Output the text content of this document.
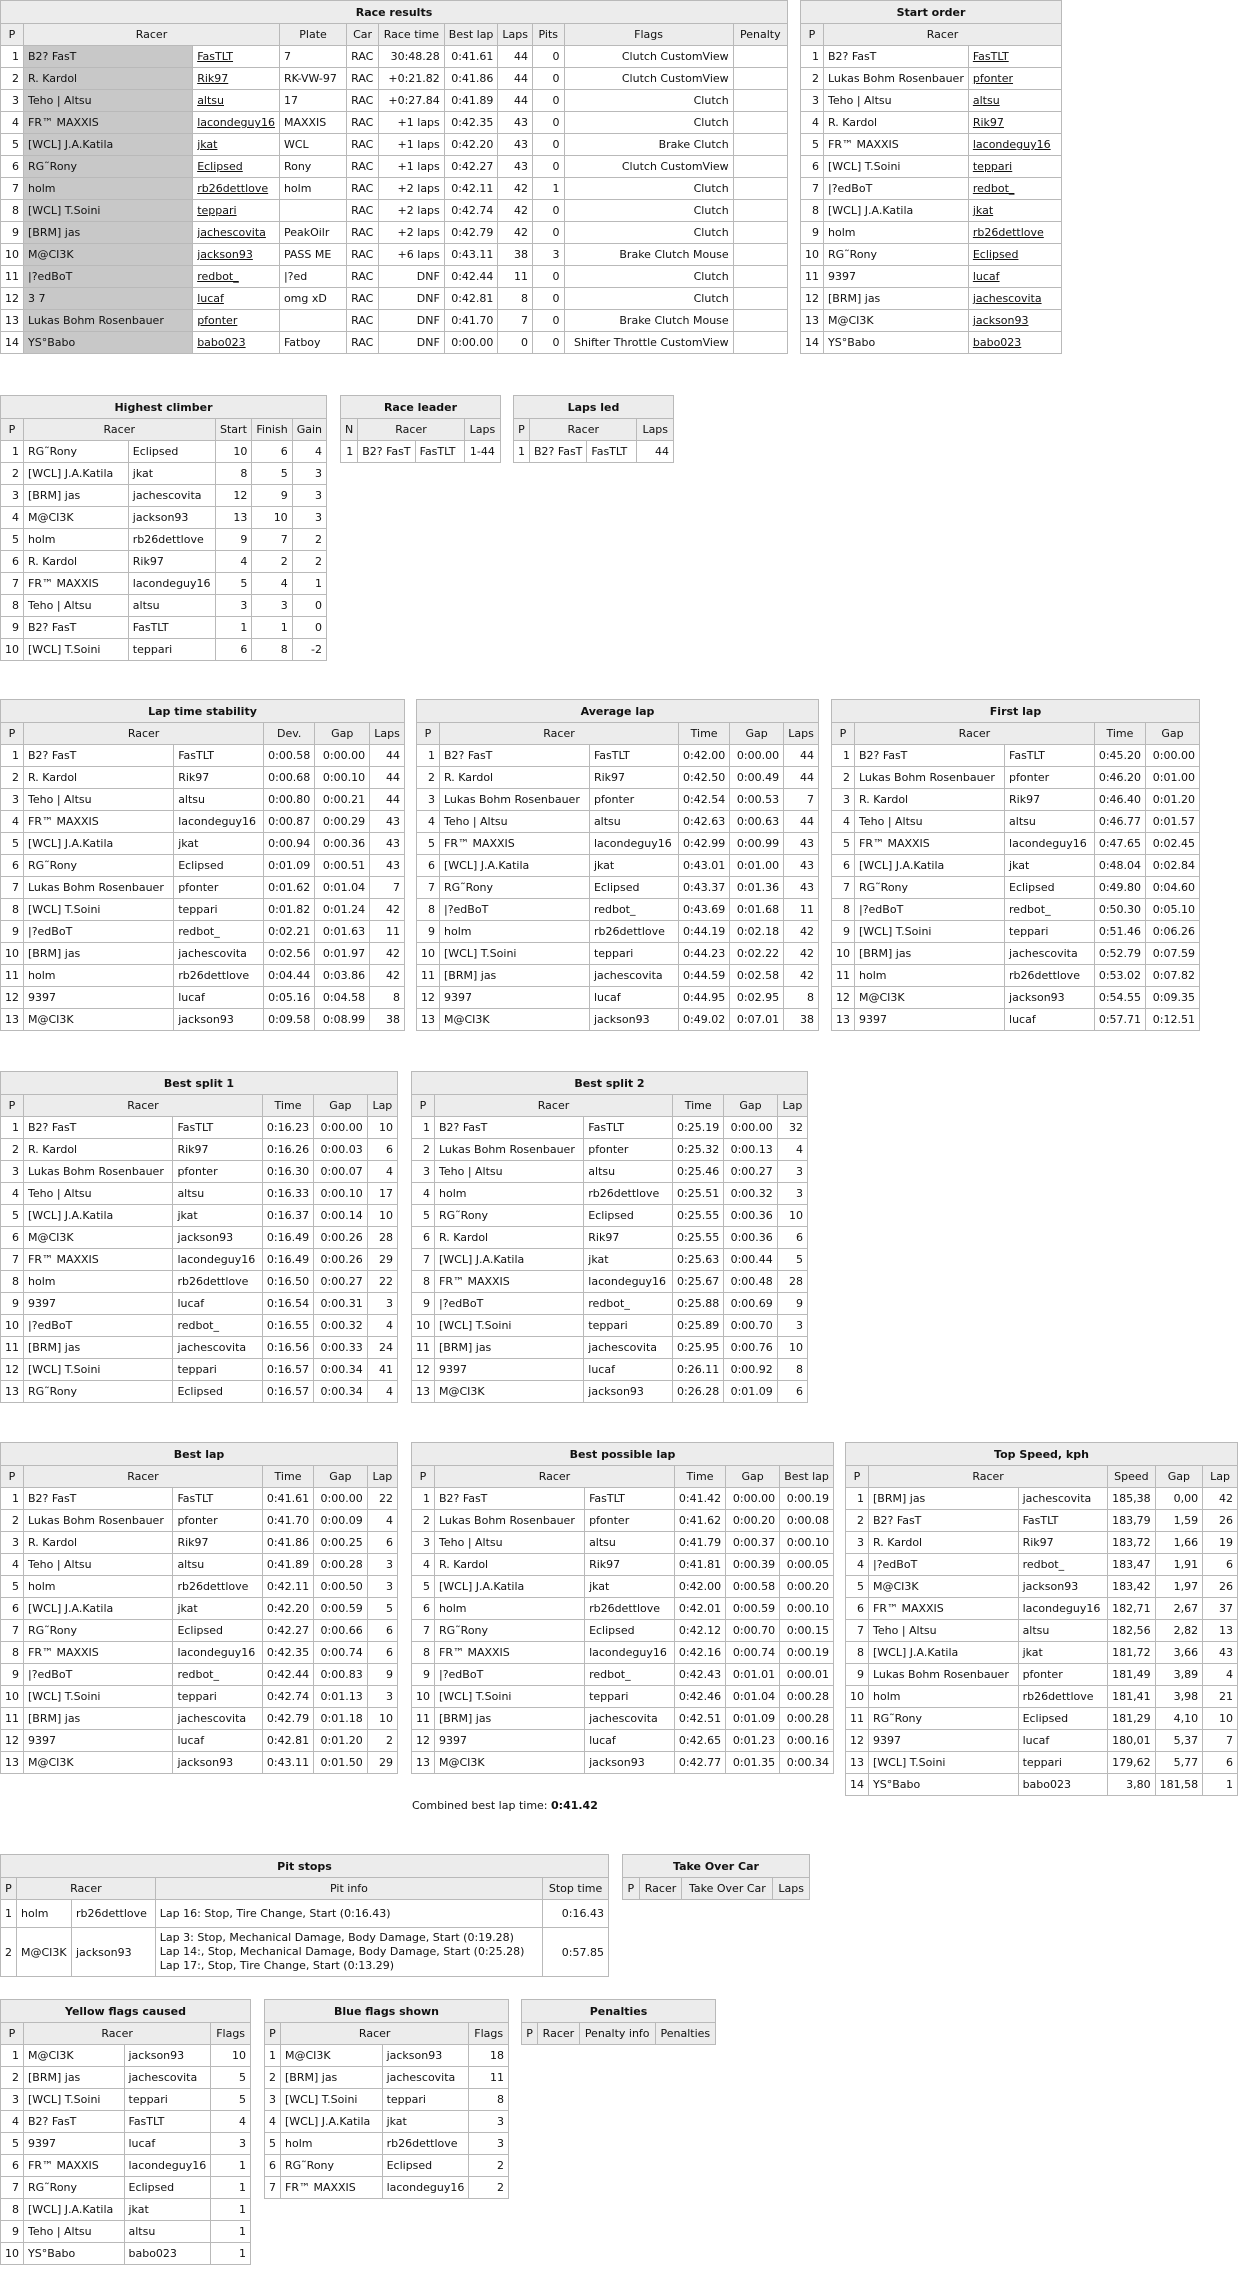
Race results										
P	Racer		Plate	Car	Race time	Best lap	Laps	Pits	Flags	Penalty
1	B2? FasT	FasTLT	7	RAC	30:48.28	0:41.61	44	0	Clutch CustomView	
2	R. Kardol	Rik97	RK-VW-97	RAC	+0:21.82	0:41.86	44	0	Clutch CustomView	
3	Teho | Altsu	altsu	17	RAC	+0:27.84	0:41.89	44	0	Clutch	
4	FR™ MAXXIS	lacondeguy16	MAXXIS	RAC	+1 laps	0:42.35	43	0	Clutch	
5	[WCL] J.A.Katila	jkat	WCL	RAC	+1 laps	0:42.20	43	0	Brake Clutch	
6	RG˜Rony	Eclipsed	Rony	RAC	+1 laps	0:42.27	43	0	Clutch CustomView	
7	holm	rb26dettlove	holm	RAC	+2 laps	0:42.11	42	1	Clutch	
8	[WCL] T.Soini	teppari		RAC	+2 laps	0:42.74	42	0	Clutch	
9	[BRM] jas	jachescovita	PeakOilr	RAC	+2 laps	0:42.79	42	0	Clutch	
10	M@CI3K	jackson93	PASS ME	RAC	+6 laps	0:43.11	38	3	Brake Clutch Mouse	
11	|?edBoT	redbot_	|?ed	RAC	DNF	0:42.44	11	0	Clutch	
12	3 7	lucaf	omg xD	RAC	DNF	0:42.81	8	0	Clutch	
13	Lukas Bohm Rosenbauer	pfonter		RAC	DNF	0:41.70	7	0	Brake Clutch Mouse	
14	YS°Babo	babo023	Fatboy	RAC	DNF	0:00.00	0	0	Shifter Throttle CustomView	
Start order		
P	Racer	
1	B2? FasT	FasTLT
2	Lukas Bohm Rosenbauer	pfonter
3	Teho | Altsu	altsu
4	R. Kardol	Rik97
5	FR™ MAXXIS	lacondeguy16
6	[WCL] T.Soini	teppari
7	|?edBoT	redbot_
8	[WCL] J.A.Katila	jkat
9	holm	rb26dettlove
10	RG˜Rony	Eclipsed
11	9397	lucaf
12	[BRM] jas	jachescovita
13	M@CI3K	jackson93
14	YS°Babo	babo023
Highest climber					
P	Racer		Start	Finish	Gain
1	RG˜Rony	Eclipsed	10	6	4
2	[WCL] J.A.Katila	jkat	8	5	3
3	[BRM] jas	jachescovita	12	9	3
4	M@CI3K	jackson93	13	10	3
5	holm	rb26dettlove	9	7	2
6	R. Kardol	Rik97	4	2	2
7	FR™ MAXXIS	lacondeguy16	5	4	1
8	Teho | Altsu	altsu	3	3	0
9	B2? FasT	FasTLT	1	1	0
10	[WCL] T.Soini	teppari	6	8	-2
Race leader			
N	Racer		Laps
1	B2? FasT	FasTLT	1-44
Laps led			
P	Racer		Laps
1	B2? FasT	FasTLT	44
Lap time stability					
P	Racer		Dev.	Gap	Laps
1	B2? FasT	FasTLT	0:00.58	0:00.00	44
2	R. Kardol	Rik97	0:00.68	0:00.10	44
3	Teho | Altsu	altsu	0:00.80	0:00.21	44
4	FR™ MAXXIS	lacondeguy16	0:00.87	0:00.29	43
5	[WCL] J.A.Katila	jkat	0:00.94	0:00.36	43
6	RG˜Rony	Eclipsed	0:01.09	0:00.51	43
7	Lukas Bohm Rosenbauer	pfonter	0:01.62	0:01.04	7
8	[WCL] T.Soini	teppari	0:01.82	0:01.24	42
9	|?edBoT	redbot_	0:02.21	0:01.63	11
10	[BRM] jas	jachescovita	0:02.56	0:01.97	42
11	holm	rb26dettlove	0:04.44	0:03.86	42
12	9397	lucaf	0:05.16	0:04.58	8
13	M@CI3K	jackson93	0:09.58	0:08.99	38
Average lap					
P	Racer		Time	Gap	Laps
1	B2? FasT	FasTLT	0:42.00	0:00.00	44
2	R. Kardol	Rik97	0:42.50	0:00.49	44
3	Lukas Bohm Rosenbauer	pfonter	0:42.54	0:00.53	7
4	Teho | Altsu	altsu	0:42.63	0:00.63	44
5	FR™ MAXXIS	lacondeguy16	0:42.99	0:00.99	43
6	[WCL] J.A.Katila	jkat	0:43.01	0:01.00	43
7	RG˜Rony	Eclipsed	0:43.37	0:01.36	43
8	|?edBoT	redbot_	0:43.69	0:01.68	11
9	holm	rb26dettlove	0:44.19	0:02.18	42
10	[WCL] T.Soini	teppari	0:44.23	0:02.22	42
11	[BRM] jas	jachescovita	0:44.59	0:02.58	42
12	9397	lucaf	0:44.95	0:02.95	8
13	M@CI3K	jackson93	0:49.02	0:07.01	38
First lap				
P	Racer		Time	Gap
1	B2? FasT	FasTLT	0:45.20	0:00.00
2	Lukas Bohm Rosenbauer	pfonter	0:46.20	0:01.00
3	R. Kardol	Rik97	0:46.40	0:01.20
4	Teho | Altsu	altsu	0:46.77	0:01.57
5	FR™ MAXXIS	lacondeguy16	0:47.65	0:02.45
6	[WCL] J.A.Katila	jkat	0:48.04	0:02.84
7	RG˜Rony	Eclipsed	0:49.80	0:04.60
8	|?edBoT	redbot_	0:50.30	0:05.10
9	[WCL] T.Soini	teppari	0:51.46	0:06.26
10	[BRM] jas	jachescovita	0:52.79	0:07.59
11	holm	rb26dettlove	0:53.02	0:07.82
12	M@CI3K	jackson93	0:54.55	0:09.35
13	9397	lucaf	0:57.71	0:12.51
Best split 1					
P	Racer		Time	Gap	Lap
1	B2? FasT	FasTLT	0:16.23	0:00.00	10
2	R. Kardol	Rik97	0:16.26	0:00.03	6
3	Lukas Bohm Rosenbauer	pfonter	0:16.30	0:00.07	4
4	Teho | Altsu	altsu	0:16.33	0:00.10	17
5	[WCL] J.A.Katila	jkat	0:16.37	0:00.14	10
6	M@CI3K	jackson93	0:16.49	0:00.26	28
7	FR™ MAXXIS	lacondeguy16	0:16.49	0:00.26	29
8	holm	rb26dettlove	0:16.50	0:00.27	22
9	9397	lucaf	0:16.54	0:00.31	3
10	|?edBoT	redbot_	0:16.55	0:00.32	4
11	[BRM] jas	jachescovita	0:16.56	0:00.33	24
12	[WCL] T.Soini	teppari	0:16.57	0:00.34	41
13	RG˜Rony	Eclipsed	0:16.57	0:00.34	4
Best split 2					
P	Racer		Time	Gap	Lap
1	B2? FasT	FasTLT	0:25.19	0:00.00	32
2	Lukas Bohm Rosenbauer	pfonter	0:25.32	0:00.13	4
3	Teho | Altsu	altsu	0:25.46	0:00.27	3
4	holm	rb26dettlove	0:25.51	0:00.32	3
5	RG˜Rony	Eclipsed	0:25.55	0:00.36	10
6	R. Kardol	Rik97	0:25.55	0:00.36	6
7	[WCL] J.A.Katila	jkat	0:25.63	0:00.44	5
8	FR™ MAXXIS	lacondeguy16	0:25.67	0:00.48	28
9	|?edBoT	redbot_	0:25.88	0:00.69	9
10	[WCL] T.Soini	teppari	0:25.89	0:00.70	3
11	[BRM] jas	jachescovita	0:25.95	0:00.76	10
12	9397	lucaf	0:26.11	0:00.92	8
13	M@CI3K	jackson93	0:26.28	0:01.09	6
Best lap					
P	Racer		Time	Gap	Lap
1	B2? FasT	FasTLT	0:41.61	0:00.00	22
2	Lukas Bohm Rosenbauer	pfonter	0:41.70	0:00.09	4
3	R. Kardol	Rik97	0:41.86	0:00.25	6
4	Teho | Altsu	altsu	0:41.89	0:00.28	3
5	holm	rb26dettlove	0:42.11	0:00.50	3
6	[WCL] J.A.Katila	jkat	0:42.20	0:00.59	5
7	RG˜Rony	Eclipsed	0:42.27	0:00.66	6
8	FR™ MAXXIS	lacondeguy16	0:42.35	0:00.74	6
9	|?edBoT	redbot_	0:42.44	0:00.83	9
10	[WCL] T.Soini	teppari	0:42.74	0:01.13	3
11	[BRM] jas	jachescovita	0:42.79	0:01.18	10
12	9397	lucaf	0:42.81	0:01.20	2
13	M@CI3K	jackson93	0:43.11	0:01.50	29
Best possible lap					
P	Racer		Time	Gap	Best lap
1	B2? FasT	FasTLT	0:41.42	0:00.00	0:00.19
2	Lukas Bohm Rosenbauer	pfonter	0:41.62	0:00.20	0:00.08
3	Teho | Altsu	altsu	0:41.79	0:00.37	0:00.10
4	R. Kardol	Rik97	0:41.81	0:00.39	0:00.05
5	[WCL] J.A.Katila	jkat	0:42.00	0:00.58	0:00.20
6	holm	rb26dettlove	0:42.01	0:00.59	0:00.10
7	RG˜Rony	Eclipsed	0:42.12	0:00.70	0:00.15
8	FR™ MAXXIS	lacondeguy16	0:42.16	0:00.74	0:00.19
9	|?edBoT	redbot_	0:42.43	0:01.01	0:00.01
10	[WCL] T.Soini	teppari	0:42.46	0:01.04	0:00.28
11	[BRM] jas	jachescovita	0:42.51	0:01.09	0:00.28
12	9397	lucaf	0:42.65	0:01.23	0:00.16
13	M@CI3K	jackson93	0:42.77	0:01.35	0:00.34
Combined best lap time: 0:41.42
Top Speed, kph					
P	Racer		Speed	Gap	Lap
1	[BRM] jas	jachescovita	185,38	0,00	42
2	B2? FasT	FasTLT	183,79	1,59	26
3	R. Kardol	Rik97	183,72	1,66	19
4	|?edBoT	redbot_	183,47	1,91	6
5	M@CI3K	jackson93	183,42	1,97	26
6	FR™ MAXXIS	lacondeguy16	182,71	2,67	37
7	Teho | Altsu	altsu	182,56	2,82	13
8	[WCL] J.A.Katila	jkat	181,72	3,66	43
9	Lukas Bohm Rosenbauer	pfonter	181,49	3,89	4
10	holm	rb26dettlove	181,41	3,98	21
11	RG˜Rony	Eclipsed	181,29	4,10	10
12	9397	lucaf	180,01	5,37	7
13	[WCL] T.Soini	teppari	179,62	5,77	6
14	YS°Babo	babo023	3,80	181,58	1
Pit stops				
P	Racer		Pit info	Stop time
1	holm	rb26dettlove	Lap 16: Stop, Tire Change, Start (0:16.43)	0:16.43
2	M@CI3K	jackson93	Lap 3: Stop, Mechanical Damage, Body Damage, Start (0:19.28)
Lap 14:, Stop, Mechanical Damage, Body Damage, Start (0:25.28)
Lap 17:, Stop, Tire Change, Start (0:13.29)	0:57.85
Take Over Car
P	Racer	Take Over Car	Laps
Yellow flags caused			
P	Racer		Flags
1	M@CI3K	jackson93	10
2	[BRM] jas	jachescovita	5
3	[WCL] T.Soini	teppari	5
4	B2? FasT	FasTLT	4
5	9397	lucaf	3
6	FR™ MAXXIS	lacondeguy16	1
7	RG˜Rony	Eclipsed	1
8	[WCL] J.A.Katila	jkat	1
9	Teho | Altsu	altsu	1
10	YS°Babo	babo023	1
Blue flags shown			
P	Racer		Flags
1	M@CI3K	jackson93	18
2	[BRM] jas	jachescovita	11
3	[WCL] T.Soini	teppari	8
4	[WCL] J.A.Katila	jkat	3
5	holm	rb26dettlove	3
6	RG˜Rony	Eclipsed	2
7	FR™ MAXXIS	lacondeguy16	2
Penalties
P	Racer	Penalty info	Penalties
